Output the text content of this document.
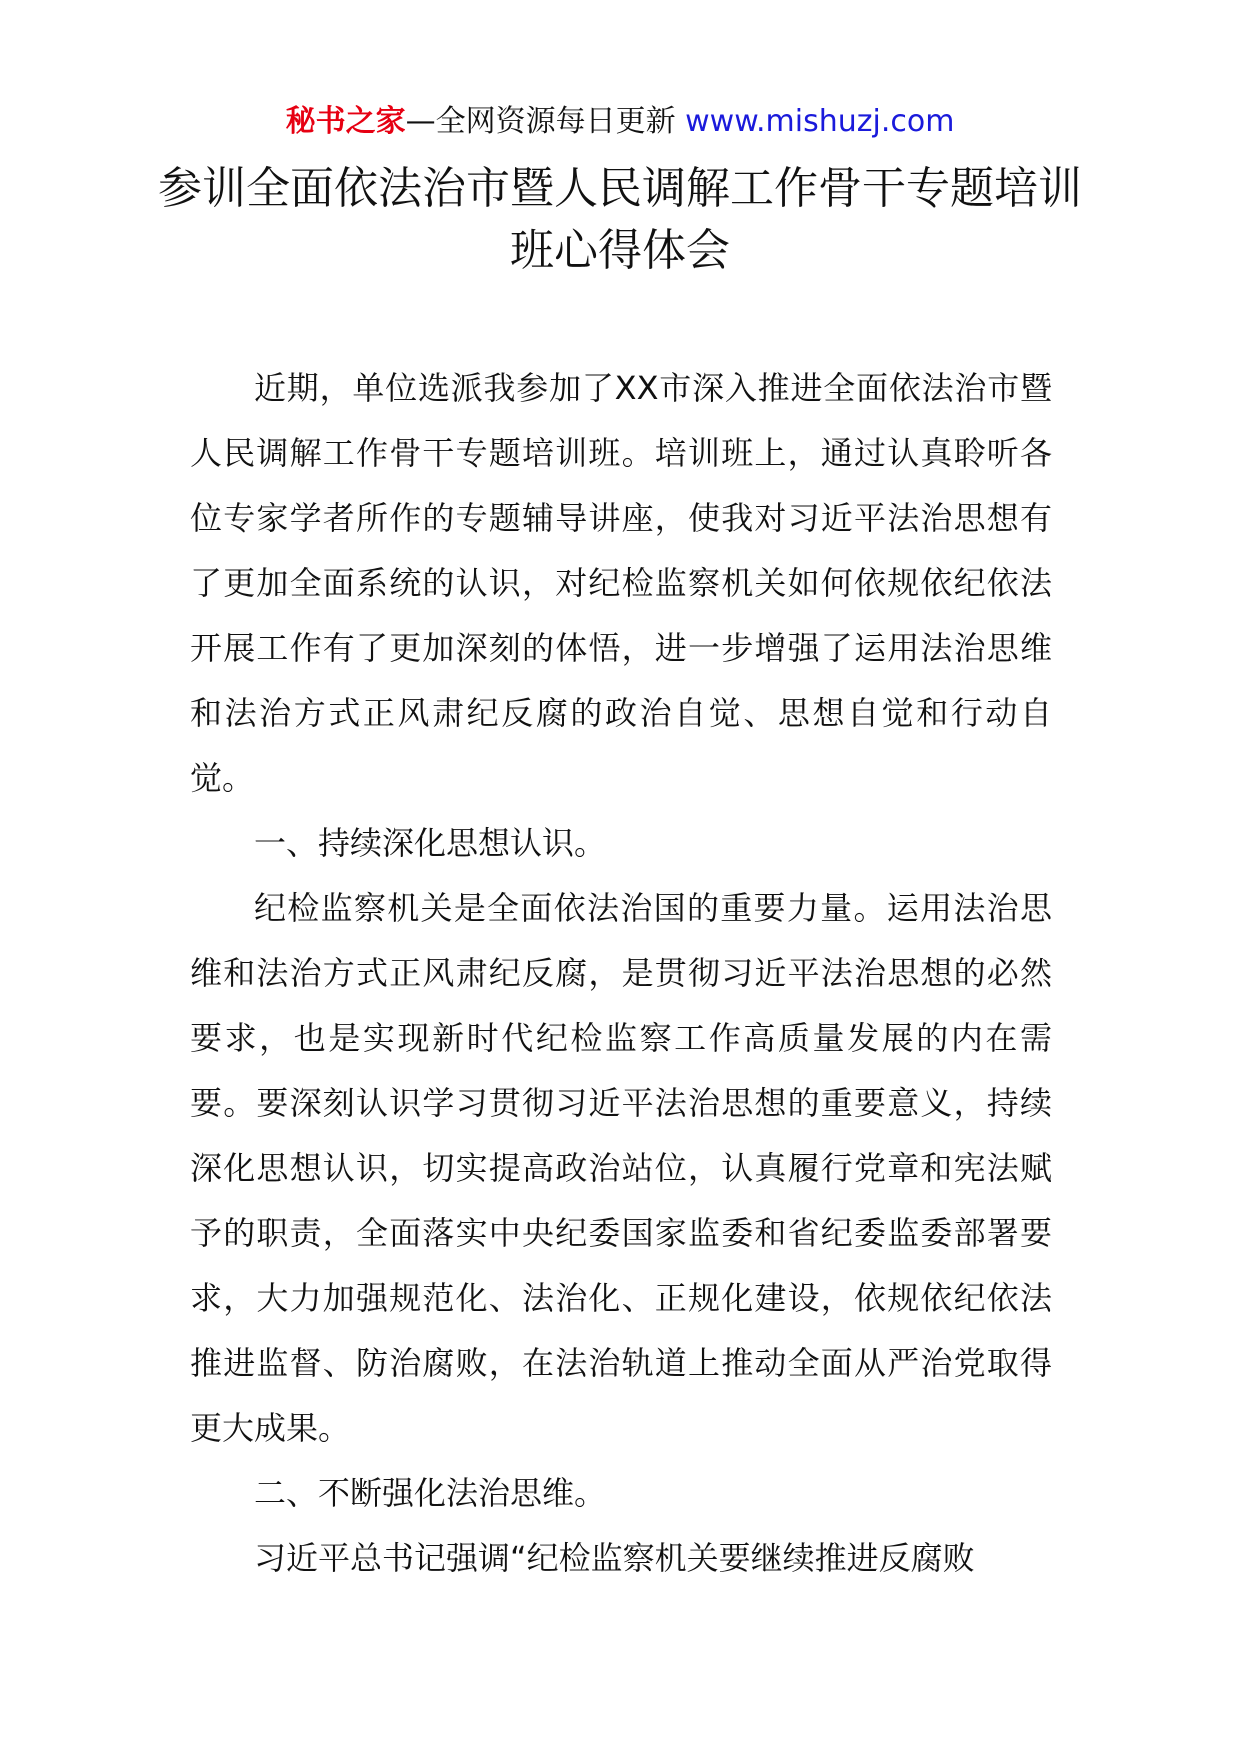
秘书之家—全网资源每日更新 www.mishuzj.com
参训全面依法治市暨人民调解工作骨干专题培训班心得体会

近期，单位选派我参加了XX市深入推进全面依法治市暨人民调解工作骨干专题培训班。培训班上，通过认真聆听各位专家学者所作的专题辅导讲座，使我对习近平法治思想有了更加全面系统的认识，对纪检监察机关如何依规依纪依法开展工作有了更加深刻的体悟，进一步增强了运用法治思维和法治方式正风肃纪反腐的政治自觉、思想自觉和行动自觉。

一、持续深化思想认识。

纪检监察机关是全面依法治国的重要力量。运用法治思维和法治方式正风肃纪反腐，是贯彻习近平法治思想的必然要求，也是实现新时代纪检监察工作高质量发展的内在需要。要深刻认识学习贯彻习近平法治思想的重要意义，持续深化思想认识，切实提高政治站位，认真履行党章和宪法赋予的职责，全面落实中央纪委国家监委和省纪委监委部署要求，大力加强规范化、法治化、正规化建设，依规依纪依法推进监督、防治腐败，在法治轨道上推动全面从严治党取得更大成果。

二、不断强化法治思维。

习近平总书记强调“纪检监察机关要继续推进反腐败
